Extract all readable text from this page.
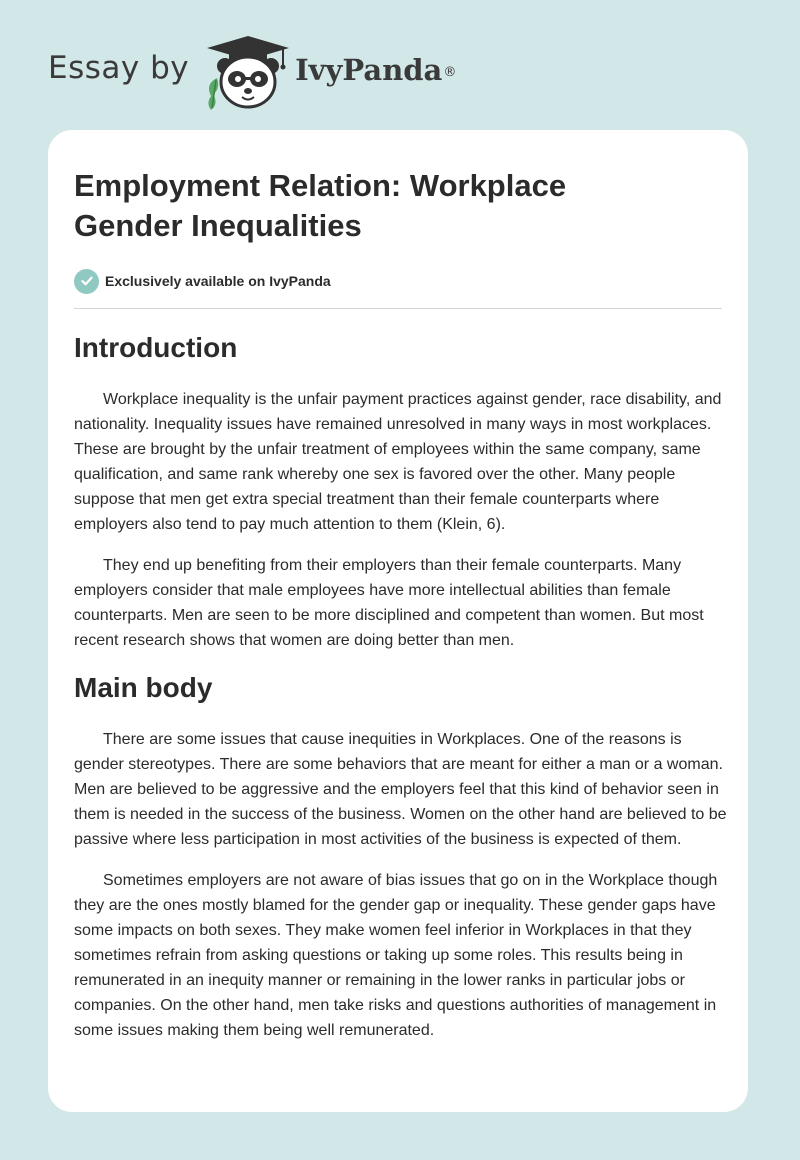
Essay by	IvyPanda ®
Employment Relation: Workplace Gender Inequalities
Exclusively available on IvyPanda
Introduction

Workplace inequality is the unfair payment practices against gender, race disability, and nationality. Inequality issues have remained unresolved in many ways in most workplaces. These are brought by the unfair treatment of employees within the same company, same qualification, and same rank whereby one sex is favored over the other. Many people suppose that men get extra special treatment than their female counterparts where employers also tend to pay much attention to them (Klein, 6).

They end up benefiting from their employers than their female counterparts. Many employers consider that male employees have more intellectual abilities than female counterparts. Men are seen to be more disciplined and competent than women. But most recent research shows that women are doing better than men.

Main body

There are some issues that cause inequities in Workplaces. One of the reasons is gender stereotypes. There are some behaviors that are meant for either a man or a woman. Men are believed to be aggressive and the employers feel that this kind of behavior seen in them is needed in the success of the business. Women on the other hand are believed to be passive where less participation in most activities of the business is expected of them.

Sometimes employers are not aware of bias issues that go on in the Workplace though they are the ones mostly blamed for the gender gap or inequality. These gender gaps have some impacts on both sexes. They make women feel inferior in Workplaces in that they sometimes refrain from asking questions or taking up some roles. This results being in remunerated in an inequity manner or remaining in the lower ranks in particular jobs or companies. On the other hand, men take risks and questions authorities of management in some issues making them being well remunerated.
